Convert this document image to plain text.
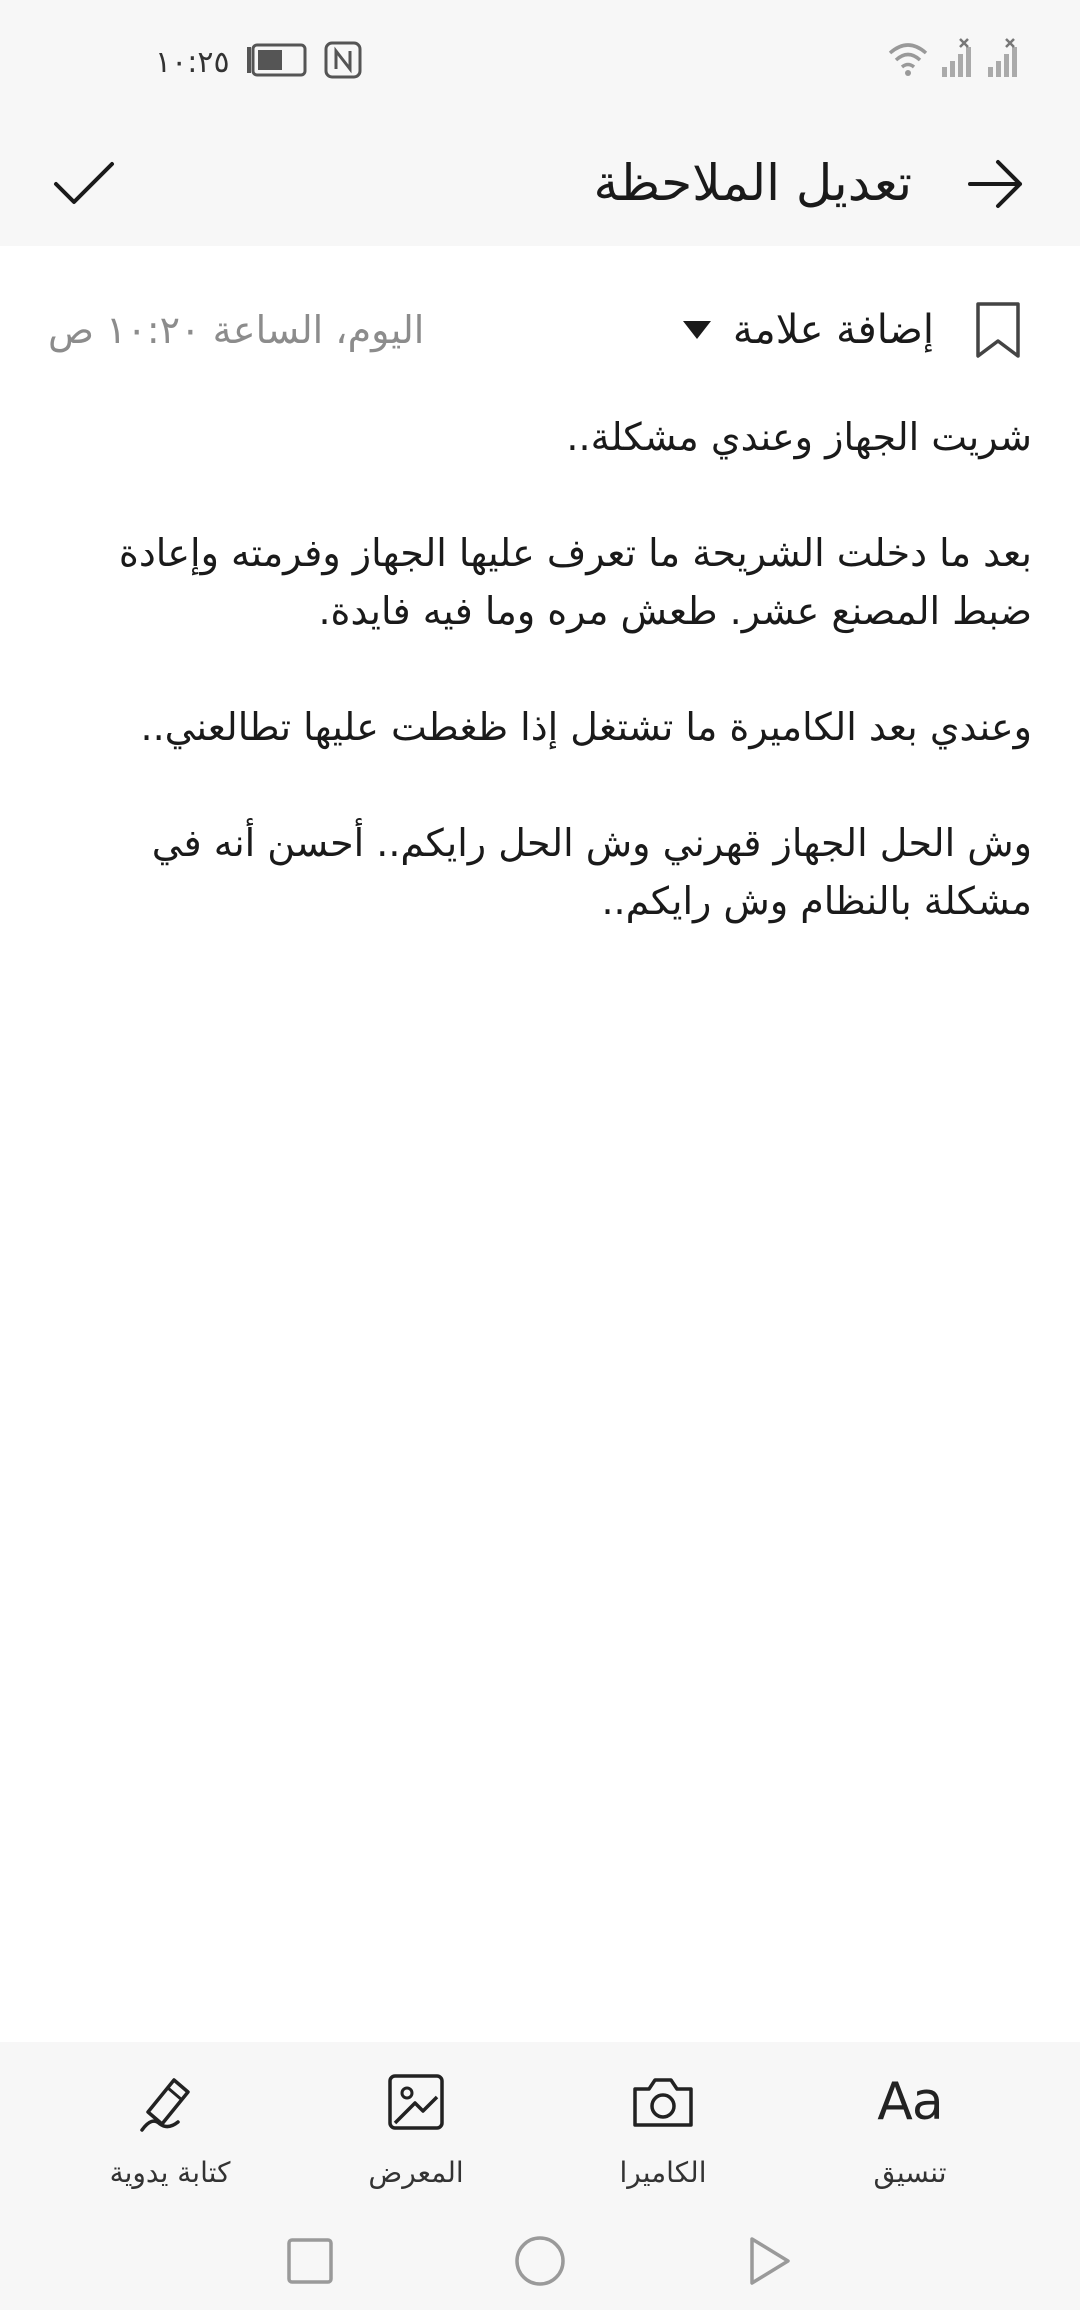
١٠:٢٥
تعديل الملاحظة
إضافة علامة
اليوم، الساعة ١٠:٢٠ ص

شريت الجهاز وعندي مشكلة..

بعد ما دخلت الشريحة ما تعرف عليها الجهاز وفرمته وإعادة ضبط المصنع عشر. طعش مره وما فيه فايدة.

وعندي بعد الكاميرة ما تشتغل إذا ظغطت عليها تطالعني..

وش الحل الجهاز قهرني وش الحل رايكم.. أحسن أنه في مشكلة بالنظام وش رايكم..

Aa
تنسيق
الكاميرا
المعرض
كتابة يدوية
